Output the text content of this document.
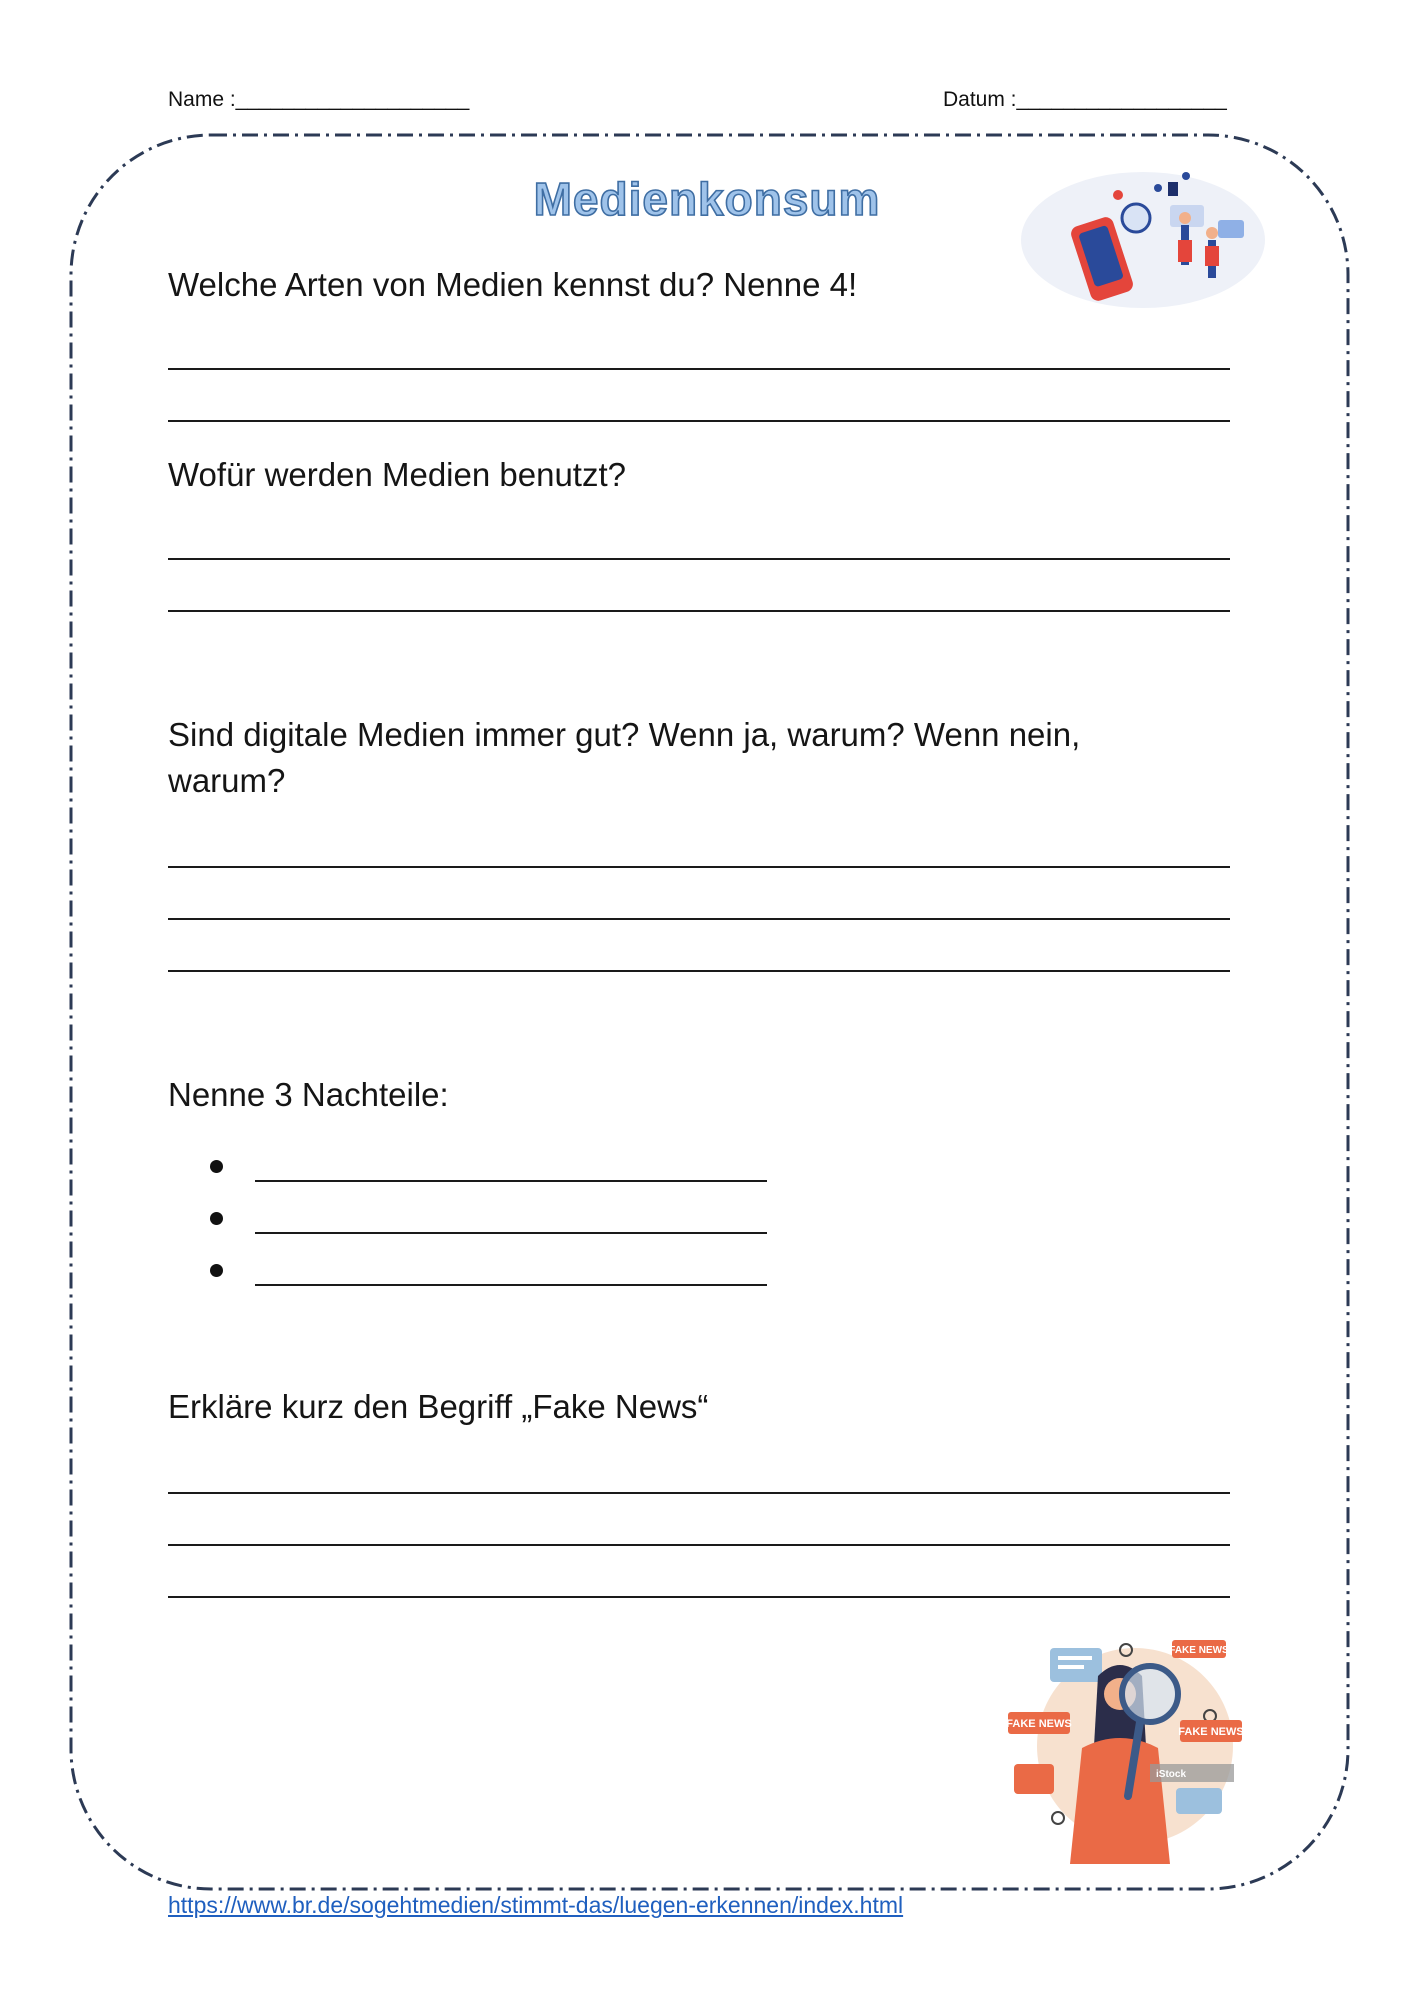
Name :____________________	Datum :__________________
Medienkonsum
Welche Arten von Medien kennst du? Nenne 4!
Wofür werden Medien benutzt?
Sind digitale Medien immer gut? Wenn ja, warum? Wenn nein, warum?
Nenne 3 Nachteile:
Erkläre kurz den Begriff „Fake News“
FAKE NEWS
FAKE NEWS
FAKE NEWS
iStock
https://www.br.de/sogehtmedien/stimmt-das/luegen-erkennen/index.html
